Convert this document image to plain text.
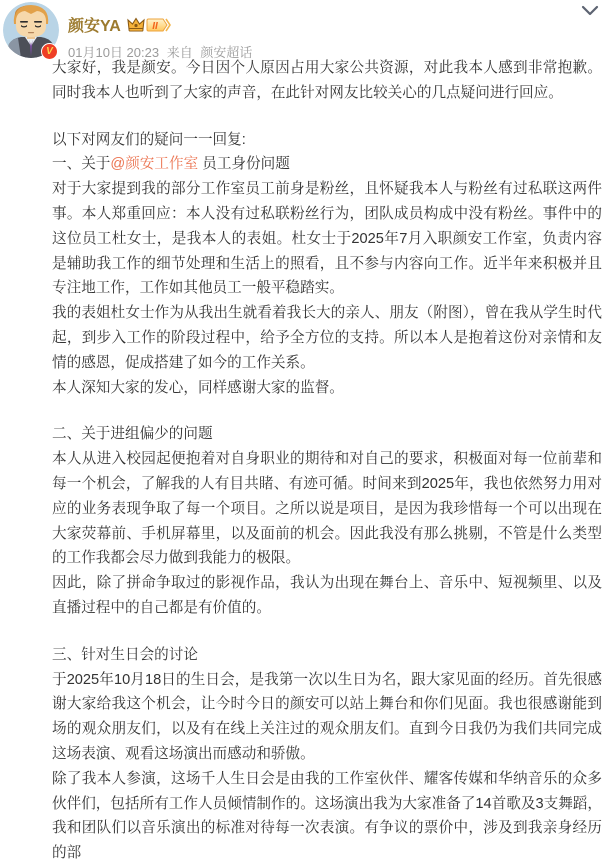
V
颜安YA	II
01月10日 20:23 来自 颜安超话
大家好，我是颜安。今日因个人原因占用大家公共资源，对此我本人感到非常抱歉。同时我本人也听到了大家的声音，在此针对网友比较关心的几点疑问进行回应。
以下对网友们的疑问一一回复:
一、关于@颜安工作室 员工身份问题
对于大家提到我的部分工作室员工前身是粉丝，且怀疑我本人与粉丝有过私联这两件事。本人郑重回应：本人没有过私联粉丝行为，团队成员构成中没有粉丝。事件中的这位员工杜女士，是我本人的表姐。杜女士于2025年7月入职颜安工作室，负责内容是辅助我工作的细节处理和生活上的照看，且不参与内容向工作。近半年来积极并且专注地工作，工作如其他员工一般平稳踏实。
我的表姐杜女士作为从我出生就看着我长大的亲人、朋友（附图），曾在我从学生时代起，到步入工作的阶段过程中，给予全方位的支持。所以本人是抱着这份对亲情和友情的感恩，促成搭建了如今的工作关系。
本人深知大家的发心，同样感谢大家的监督。
二、关于进组偏少的问题
本人从进入校园起便抱着对自身职业的期待和对自己的要求，积极面对每一位前辈和每一个机会，了解我的人有目共睹、有迹可循。时间来到2025年，我也依然努力用对应的业务表现争取了每一个项目。之所以说是项目，是因为我珍惜每一个可以出现在大家荧幕前、手机屏幕里，以及面前的机会。因此我没有那么挑剔，不管是什么类型的工作我都会尽力做到我能力的极限。
因此，除了拼命争取过的影视作品，我认为出现在舞台上、音乐中、短视频里、以及直播过程中的自己都是有价值的。
三、针对生日会的讨论
于2025年10月18日的生日会，是我第一次以生日为名，跟大家见面的经历。首先很感谢大家给我这个机会，让今时今日的颜安可以站上舞台和你们见面。我也很感谢能到场的观众朋友们，以及有在线上关注过的观众朋友们。直到今日我仍为我们共同完成这场表演、观看这场演出而感动和骄傲。
除了我本人参演，这场千人生日会是由我的工作室伙伴、耀客传媒和华纳音乐的众多伙伴们，包括所有工作人员倾情制作的。这场演出我为大家准备了14首歌及3支舞蹈，我和团队们以音乐演出的标准对待每一次表演。有争议的票价中，涉及到我亲身经历的部
